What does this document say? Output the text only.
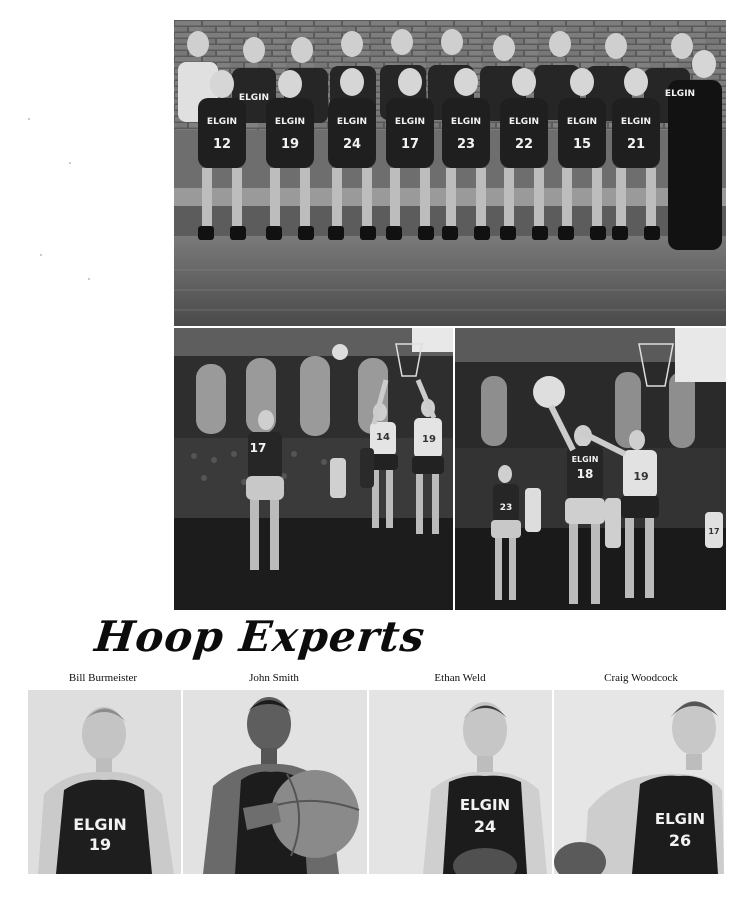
ELGIN	ELGIN	ELGIN	ELGIN	ELGIN	ELGIN	ELGIN	ELGIN
ELGIN	ELGIN
12	19	24	17	23	22	15	21
17
14	19
ELGIN
18	19
23
17
Hoop Experts
Bill Burmeister	John Smith	Ethan Weld	Craig Woodcock
ELGIN
19
ELGIN
24	ELGIN
26
